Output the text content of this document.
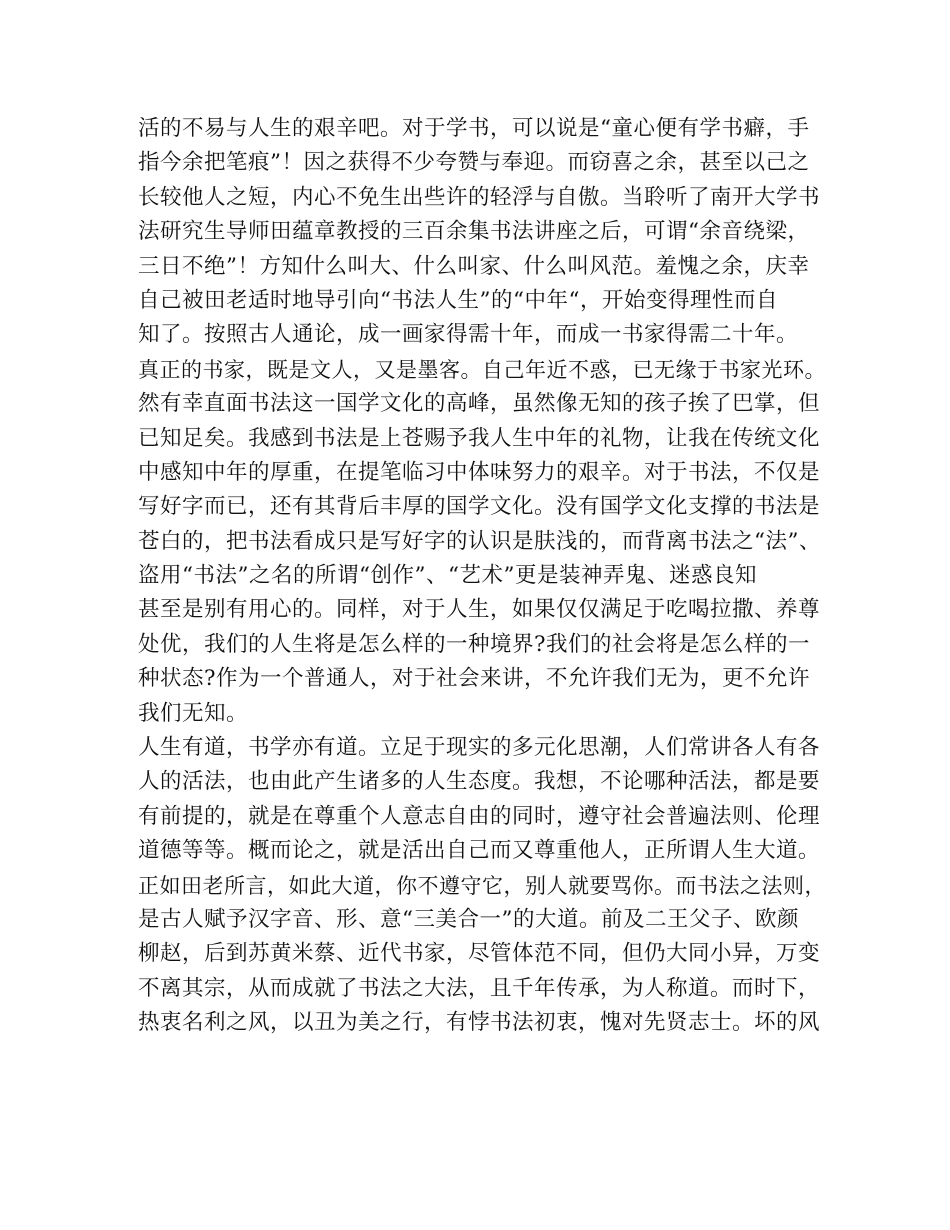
活的不易与人生的艰辛吧。对于学书，可以说是“童心便有学书癖，手
指今余把笔痕”！因之获得不少夸赞与奉迎。而窃喜之余，甚至以己之
长较他人之短，内心不免生出些许的轻浮与自傲。当聆听了南开大学书
法研究生导师田蕴章教授的三百余集书法讲座之后，可谓“余音绕梁，
三日不绝”！方知什么叫大、什么叫家、什么叫风范。羞愧之余，庆幸
自己被田老适时地导引向“书法人生”的“中年“，开始变得理性而自
知了。按照古人通论，成一画家得需十年，而成一书家得需二十年。
真正的书家，既是文人，又是墨客。自己年近不惑，已无缘于书家光环。
然有幸直面书法这一国学文化的高峰，虽然像无知的孩子挨了巴掌，但
已知足矣。我感到书法是上苍赐予我人生中年的礼物，让我在传统文化
中感知中年的厚重，在提笔临习中体味努力的艰辛。对于书法，不仅是
写好字而已，还有其背后丰厚的国学文化。没有国学文化支撑的书法是
苍白的，把书法看成只是写好字的认识是肤浅的，而背离书法之“法”、
盗用“书法”之名的所谓“创作”、“艺术”更是装神弄鬼、迷惑良知
甚至是别有用心的。同样，对于人生，如果仅仅满足于吃喝拉撒、养尊
处优，我们的人生将是怎么样的一种境界?我们的社会将是怎么样的一
种状态?作为一个普通人，对于社会来讲，不允许我们无为，更不允许
我们无知。
人生有道，书学亦有道。立足于现实的多元化思潮，人们常讲各人有各
人的活法，也由此产生诸多的人生态度。我想，不论哪种活法，都是要
有前提的，就是在尊重个人意志自由的同时，遵守社会普遍法则、伦理
道德等等。概而论之，就是活出自己而又尊重他人，正所谓人生大道。
正如田老所言，如此大道，你不遵守它，别人就要骂你。而书法之法则，
是古人赋予汉字音、形、意“三美合一”的大道。前及二王父子、欧颜
柳赵，后到苏黄米蔡、近代书家，尽管体范不同，但仍大同小异，万变
不离其宗，从而成就了书法之大法，且千年传承，为人称道。而时下，
热衷名利之风，以丑为美之行，有悖书法初衷，愧对先贤志士。坏的风
